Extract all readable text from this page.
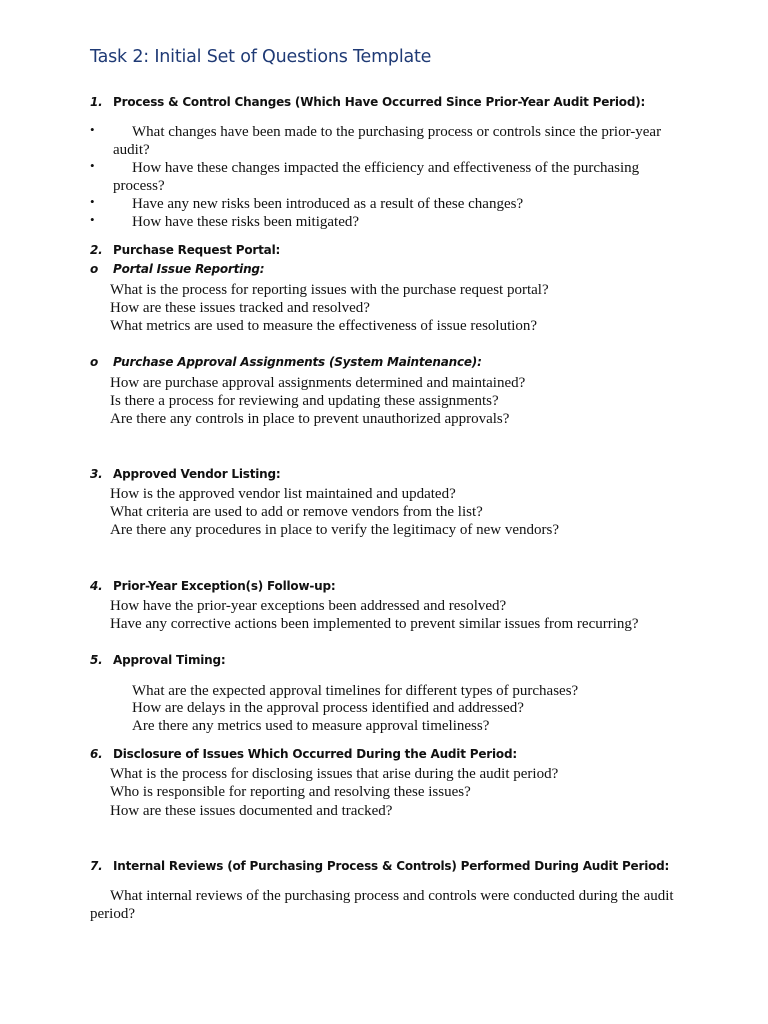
Task 2: Initial Set of Questions Template
1. Process & Control Changes (Which Have Occurred Since Prior-Year Audit Period):
• What changes have been made to the purchasing process or controls since the prior-year
audit?
• How have these changes impacted the efficiency and effectiveness of the purchasing
process?
• Have any new risks been introduced as a result of these changes?
• How have these risks been mitigated?
2. Purchase Request Portal:
o Portal Issue Reporting:
What is the process for reporting issues with the purchase request portal?
How are these issues tracked and resolved?
What metrics are used to measure the effectiveness of issue resolution?
o Purchase Approval Assignments (System Maintenance):
How are purchase approval assignments determined and maintained?
Is there a process for reviewing and updating these assignments?
Are there any controls in place to prevent unauthorized approvals?
3. Approved Vendor Listing:
How is the approved vendor list maintained and updated?
What criteria are used to add or remove vendors from the list?
Are there any procedures in place to verify the legitimacy of new vendors?
4. Prior-Year Exception(s) Follow-up:
How have the prior-year exceptions been addressed and resolved?
Have any corrective actions been implemented to prevent similar issues from recurring?
5. Approval Timing:
What are the expected approval timelines for different types of purchases?
How are delays in the approval process identified and addressed?
Are there any metrics used to measure approval timeliness?
6. Disclosure of Issues Which Occurred During the Audit Period:
What is the process for disclosing issues that arise during the audit period?
Who is responsible for reporting and resolving these issues?
How are these issues documented and tracked?
7. Internal Reviews (of Purchasing Process & Controls) Performed During Audit Period:
What internal reviews of the purchasing process and controls were conducted during the audit
period?
